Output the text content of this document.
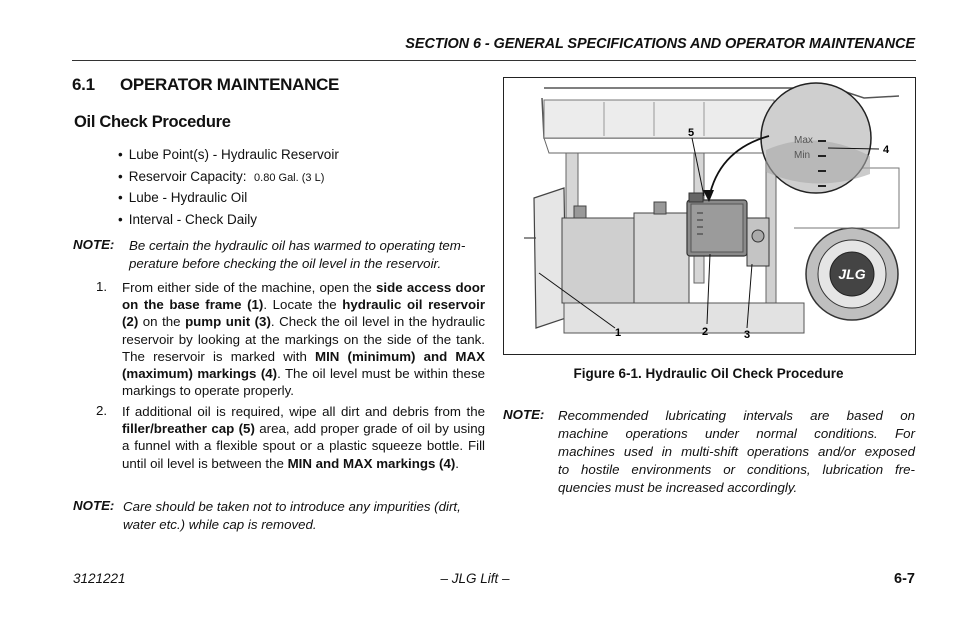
SECTION 6 - GENERAL SPECIFICATIONS AND OPERATOR MAINTENANCE
6.1 OPERATOR MAINTENANCE
Oil Check Procedure
• Lube Point(s) - Hydraulic Reservoir
• Reservoir Capacity: 0.80 Gal. (3 L)
• Lube - Hydraulic Oil
• Interval - Check Daily
NOTE: Be certain the hydraulic oil has warmed to operating tem-
perature before checking the oil level in the reservoir.
1. From either side of the machine, open the side access door on the base frame (1). Locate the hydraulic oil reservoir (2) on the pump unit (3). Check the oil level in the hydraulic reservoir by looking at the markings on the side of the tank. The reservoir is marked with MIN (minimum) and MAX (maximum) markings (4). The oil level must be within these markings to operate properly.
2. If additional oil is required, wipe all dirt and debris from the filler/breather cap (5) area, add proper grade of oil by using a funnel with a flexible spout or a plastic squeeze bottle. Fill until oil level is between the MIN and MAX markings (4).
NOTE: Care should be taken not to introduce any impurities (dirt,
water etc.) while cap is removed.
JLG
Max
Min
5
4
1	2	3
Figure 6-1. Hydraulic Oil Check Procedure
NOTE: Recommended lubricating intervals are based on
machine operations under normal conditions. For
machines used in multi-shift operations and/or exposed
to hostile environments or conditions, lubrication fre-
quencies must be increased accordingly.
3121221	– JLG Lift –	6-7
